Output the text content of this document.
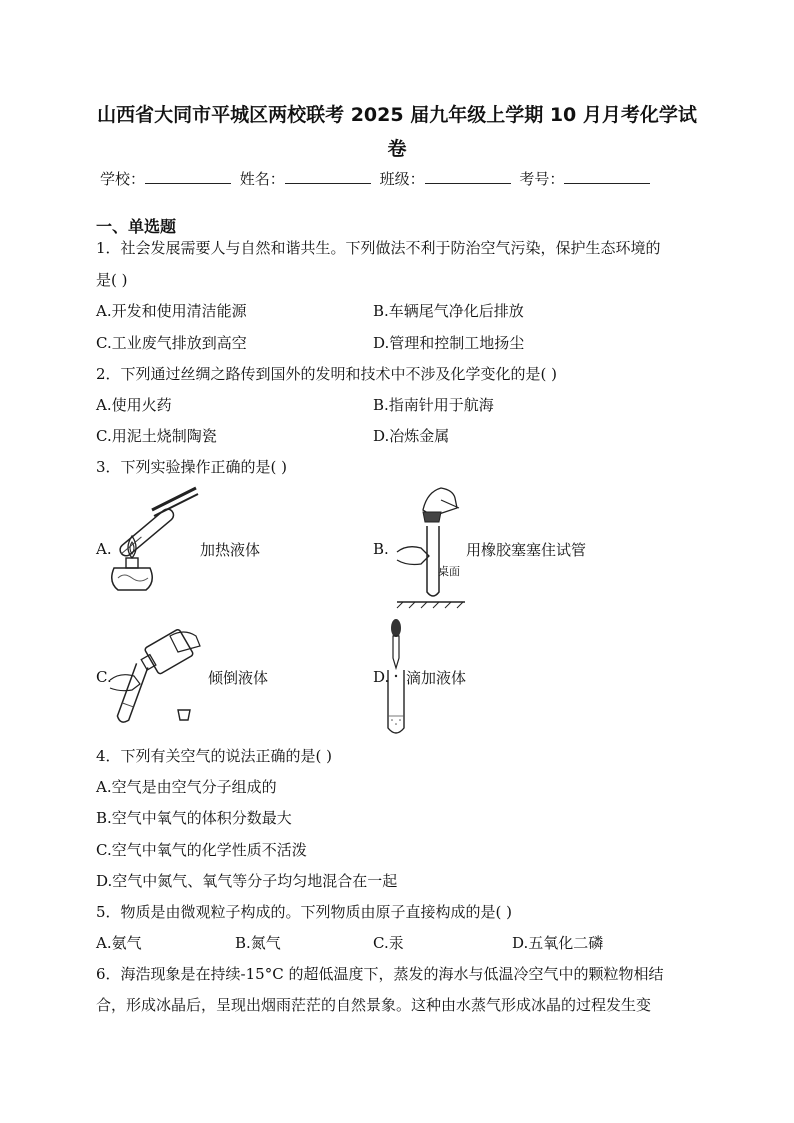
山西省大同市平城区两校联考 2025 届九年级上学期 10 月月考化学试
卷
学校：	姓名：	班级：	考号：
一、单选题
1．社会发展需要人与自然和谐共生。下列做法不利于防治空气污染，保护生态环境的
是( )
A.开发和使用清洁能源	B.车辆尾气净化后排放
C.工业废气排放到高空	D.管理和控制工地扬尘
2．下列通过丝绸之路传到国外的发明和技术中不涉及化学变化的是( )
A.使用火药	B.指南针用于航海
C.用泥土烧制陶瓷	D.冶炼金属
3．下列实验操作正确的是( )
A.	加热液体	B.
桌面
用橡胶塞塞住试管
C.	倾倒液体	D. 滴加液体
4．下列有关空气的说法正确的是( )
A.空气是由空气分子组成的
B.空气中氧气的体积分数最大
C.空气中氧气的化学性质不活泼
D.空气中氮气、氧气等分子均匀地混合在一起
5．物质是由微观粒子构成的。下列物质由原子直接构成的是( )
A.氨气	B.氮气	C.汞	D.五氧化二磷
6．海浩现象是在持续-15°C 的超低温度下，蒸发的海水与低温冷空气中的颗粒物相结
合，形成冰晶后，呈现出烟雨茫茫的自然景象。这种由水蒸气形成冰晶的过程发生变
